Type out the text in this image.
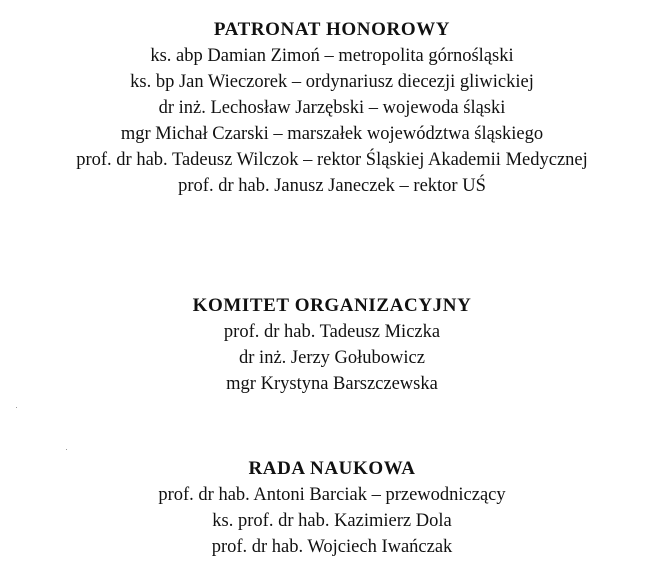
PATRONAT HONOROWY

ks. abp Damian Zimoń – metropolita górnośląski

ks. bp Jan Wieczorek – ordynariusz diecezji gliwickiej

dr inż. Lechosław Jarzębski – wojewoda śląski

mgr Michał Czarski – marszałek województwa śląskiego

prof. dr hab. Tadeusz Wilczok – rektor Śląskiej Akademii Medycznej

prof. dr hab. Janusz Janeczek – rektor UŚ

KOMITET ORGANIZACYJNY

prof. dr hab. Tadeusz Miczka

dr inż. Jerzy Gołubowicz

mgr Krystyna Barszczewska

RADA NAUKOWA

prof. dr hab. Antoni Barciak – przewodniczący

ks. prof. dr hab. Kazimierz Dola

prof. dr hab. Wojciech Iwańczak
